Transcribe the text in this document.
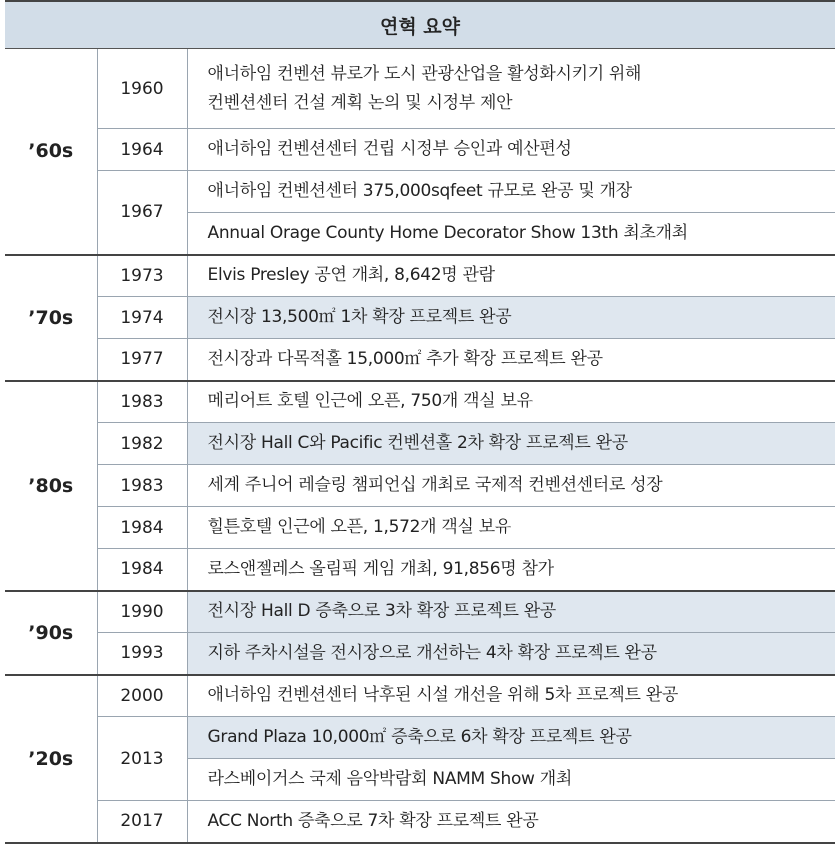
연혁 요약		
’60s	1960	애너하임 컨벤션 뷰로가 도시 관광산업을 활성화시키기 위해
컨벤션센터 건설 계획 논의 및 시정부 제안

	1964	애너하임 컨벤션센터 건립 시정부 승인과 예산편성
	1967	애너하임 컨벤션센터 375,000sqfeet 규모로 완공 및 개장
		Annual Orage County Home Decorator Show 13th 최초개최
’70s	1973	Elvis Presley 공연 개최, 8,642명 관람
	1974	전시장 13,500㎡ 1차 확장 프로젝트 완공
	1977	전시장과 다목적홀 15,000㎡ 추가 확장 프로젝트 완공
’80s	1983	메리어트 호텔 인근에 오픈, 750개 객실 보유
	1982	전시장 Hall C와 Pacific 컨벤션홀 2차 확장 프로젝트 완공
	1983	세계 주니어 레슬링 챔피언십 개최로 국제적 컨벤션센터로 성장
	1984	힐튼호텔 인근에 오픈, 1,572개 객실 보유
	1984	로스앤젤레스 올림픽 게임 개최, 91,856명 참가
’90s	1990	전시장 Hall D 증축으로 3차 확장 프로젝트 완공
	1993	지하 주차시설을 전시장으로 개선하는 4차 확장 프로젝트 완공
’20s	2000	애너하임 컨벤션센터 낙후된 시설 개선을 위해 5차 프로젝트 완공
	2013	Grand Plaza 10,000㎡ 증축으로 6차 확장 프로젝트 완공
		라스베이거스 국제 음악박람회 NAMM Show 개최
	2017	ACC North 증축으로 7차 확장 프로젝트 완공
